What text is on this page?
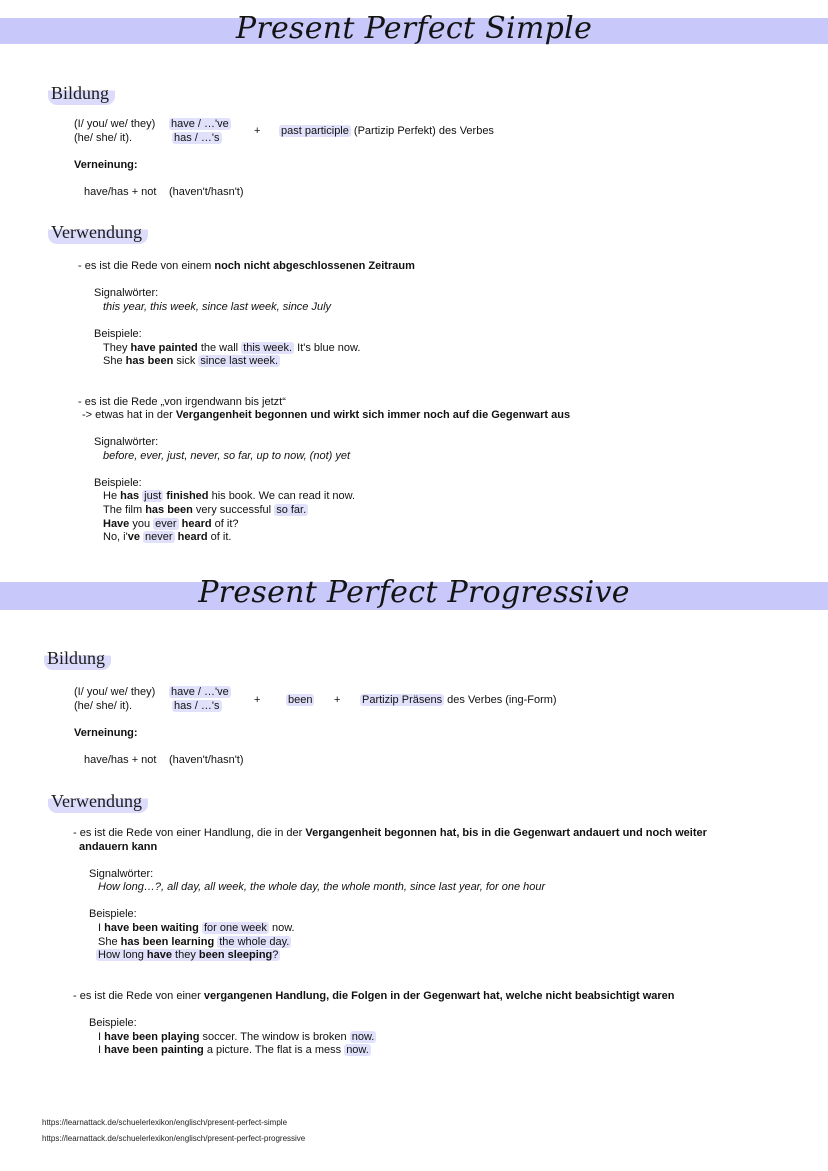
Present Perfect Simple
Bildung
(I/ you/ we/ they)
(he/ she/ it).
have / …'ve
has / …'s
+ past participle (Partizip Perfekt) des Verbes
Verneinung:
have/has + not (haven't/hasn't)
Verwendung
- es ist die Rede von einem noch nicht abgeschlossenen Zeitraum
Signalwörter:
this year, this week, since last week, since July
Beispiele:
They have painted the wall this week. It's blue now.
She has been sick since last week.
- es ist die Rede „von irgendwann bis jetzt“
-> etwas hat in der Vergangenheit begonnen und wirkt sich immer noch auf die Gegenwart aus
Signalwörter:
before, ever, just, never, so far, up to now, (not) yet
Beispiele:
He has just finished his book. We can read it now.
The film has been very successful so far.
Have you ever heard of it?
No, i've never heard of it.
Present Perfect Progressive
Bildung
(I/ you/ we/ they)
(he/ she/ it).
have / …'ve
has / …'s	+	been + Partizip Präsens des Verbes (ing-Form)
Verneinung:
have/has + not (haven't/hasn't)
Verwendung
- es ist die Rede von einer Handlung, die in der Vergangenheit begonnen hat, bis in die Gegenwart andauert und noch weiter
andauern kann
Signalwörter:
How long…?, all day, all week, the whole day, the whole month, since last year, for one hour
Beispiele:
I have been waiting for one week now.
She has been learning the whole day.
How long have they been sleeping?
- es ist die Rede von einer vergangenen Handlung, die Folgen in der Gegenwart hat, welche nicht beabsichtigt waren
Beispiele:
I have been playing soccer. The window is broken now.
I have been painting a picture. The flat is a mess now.
https://learnattack.de/schuelerlexikon/englisch/present-perfect-simple
https://learnattack.de/schuelerlexikon/englisch/present-perfect-progressive
